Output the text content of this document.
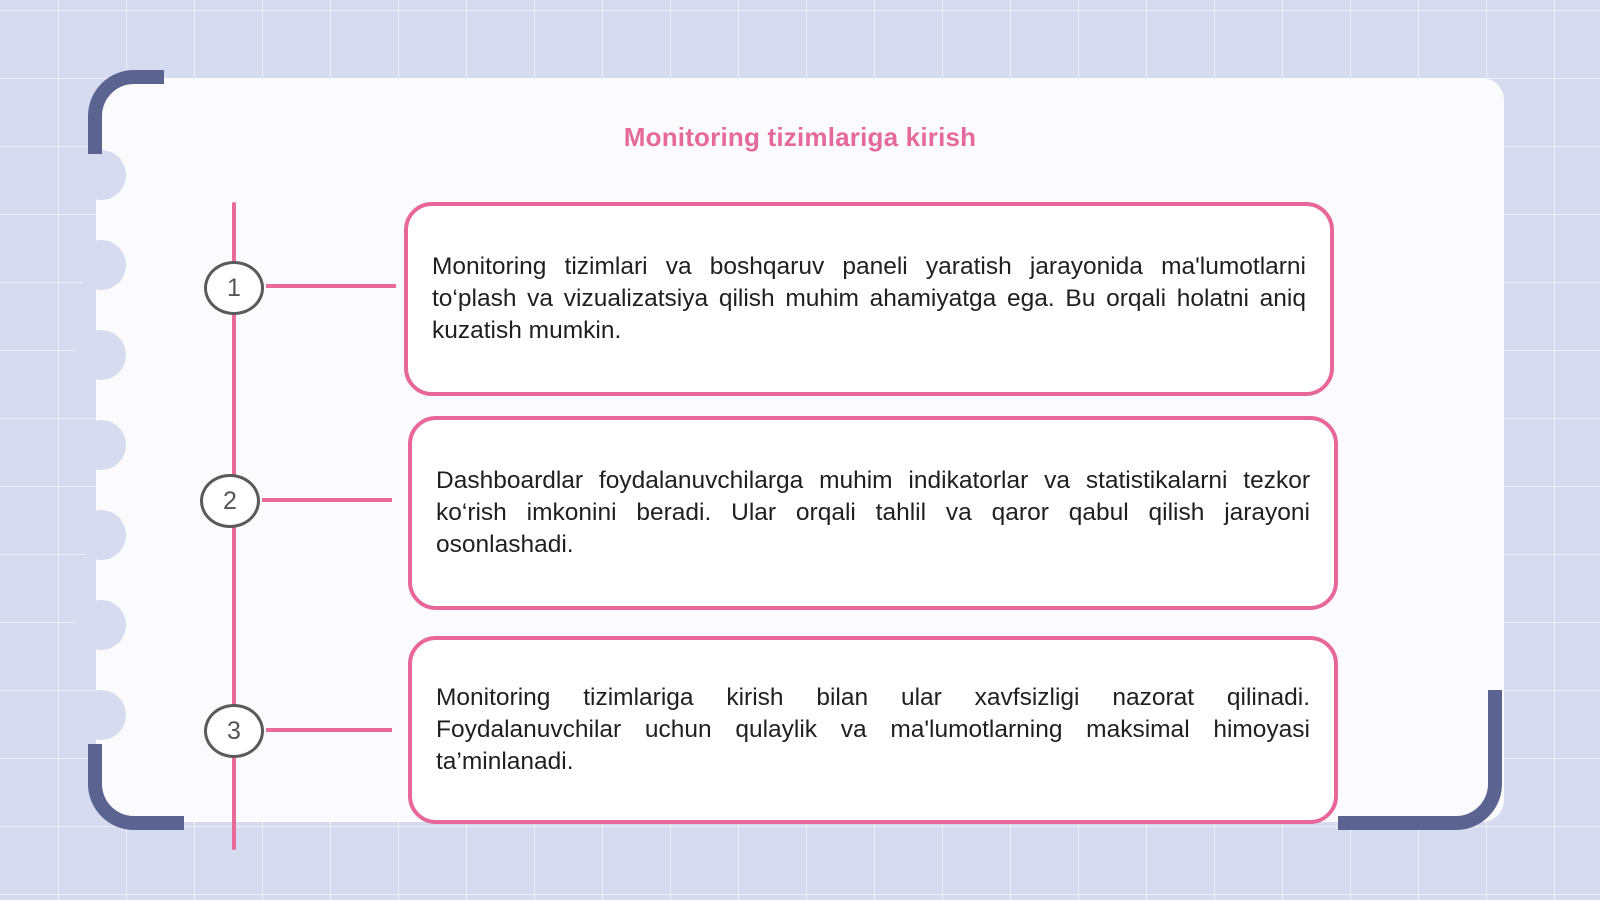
Monitoring tizimlariga kirish
1

Monitoring tizimlari va boshqaruv paneli yaratish jarayonida ma'lumotlarni to‘plash va vizualizatsiya qilish muhim ahamiyatga ega. Bu orqali holatni aniq kuzatish mumkin.

2

Dashboardlar foydalanuvchilarga muhim indikatorlar va statistikalarni tezkor ko‘rish imkonini beradi. Ular orqali tahlil va qaror qabul qilish jarayoni osonlashadi.

3

Monitoring tizimlariga kirish bilan ular xavfsizligi nazorat qilinadi. Foydalanuvchilar uchun qulaylik va ma'lumotlarning maksimal himoyasi ta’minlanadi.
